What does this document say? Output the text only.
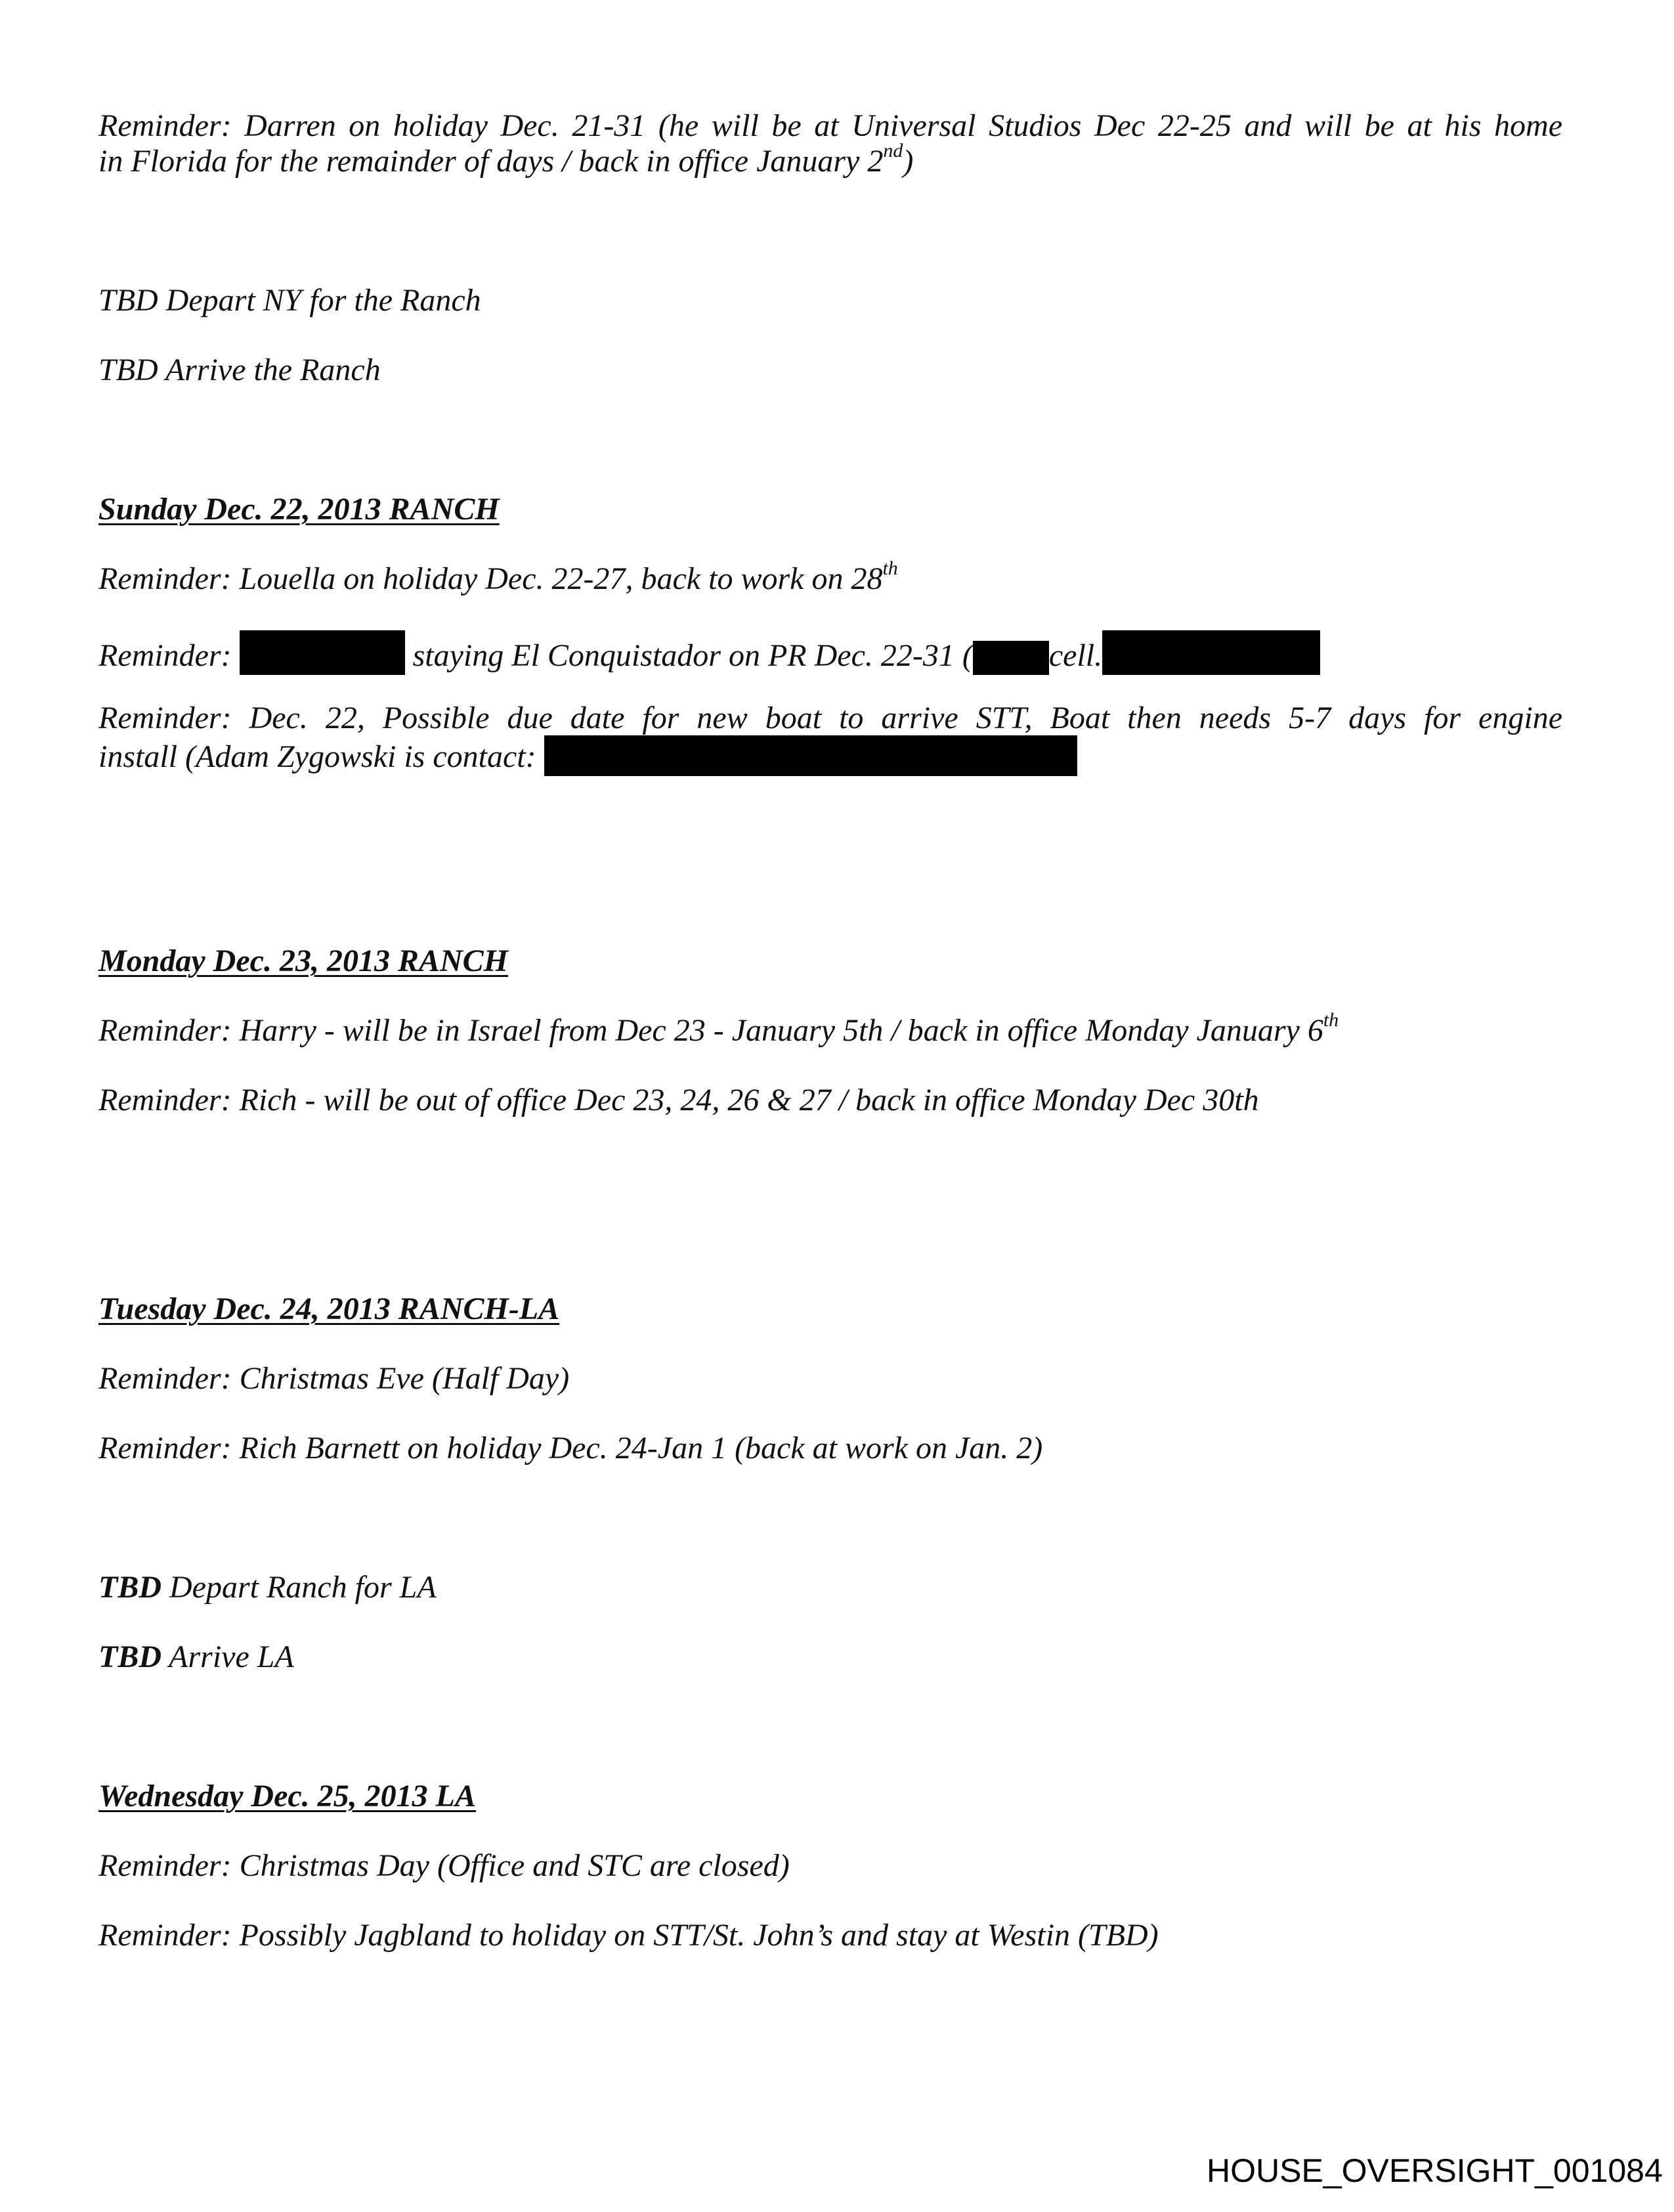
Reminder: Darren on holiday Dec. 21-31 (he will be at Universal Studios Dec 22-25 and will be at his home
in Florida for the remainder of days / back in office January 2nd)
TBD Depart NY for the Ranch
TBD Arrive the Ranch
Sunday Dec. 22, 2013 RANCH
Reminder: Louella on holiday Dec. 22-27, back to work on 28th
Reminder:	staying El Conquistador on PR Dec. 22-31 ( cell.
Reminder: Dec. 22, Possible due date for new boat to arrive STT, Boat then needs 5-7 days for engine
install (Adam Zygowski is contact:
Monday Dec. 23, 2013 RANCH
Reminder: Harry - will be in Israel from Dec 23 - January 5th / back in office Monday January 6th
Reminder: Rich - will be out of office Dec 23, 24, 26 & 27 / back in office Monday Dec 30th
Tuesday Dec. 24, 2013 RANCH-LA
Reminder: Christmas Eve (Half Day)
Reminder: Rich Barnett on holiday Dec. 24-Jan 1 (back at work on Jan. 2)
TBD Depart Ranch for LA
TBD Arrive LA
Wednesday Dec. 25, 2013 LA
Reminder: Christmas Day (Office and STC are closed)
Reminder: Possibly Jagbland to holiday on STT/St. John’s and stay at Westin (TBD)
HOUSE_OVERSIGHT_001084
